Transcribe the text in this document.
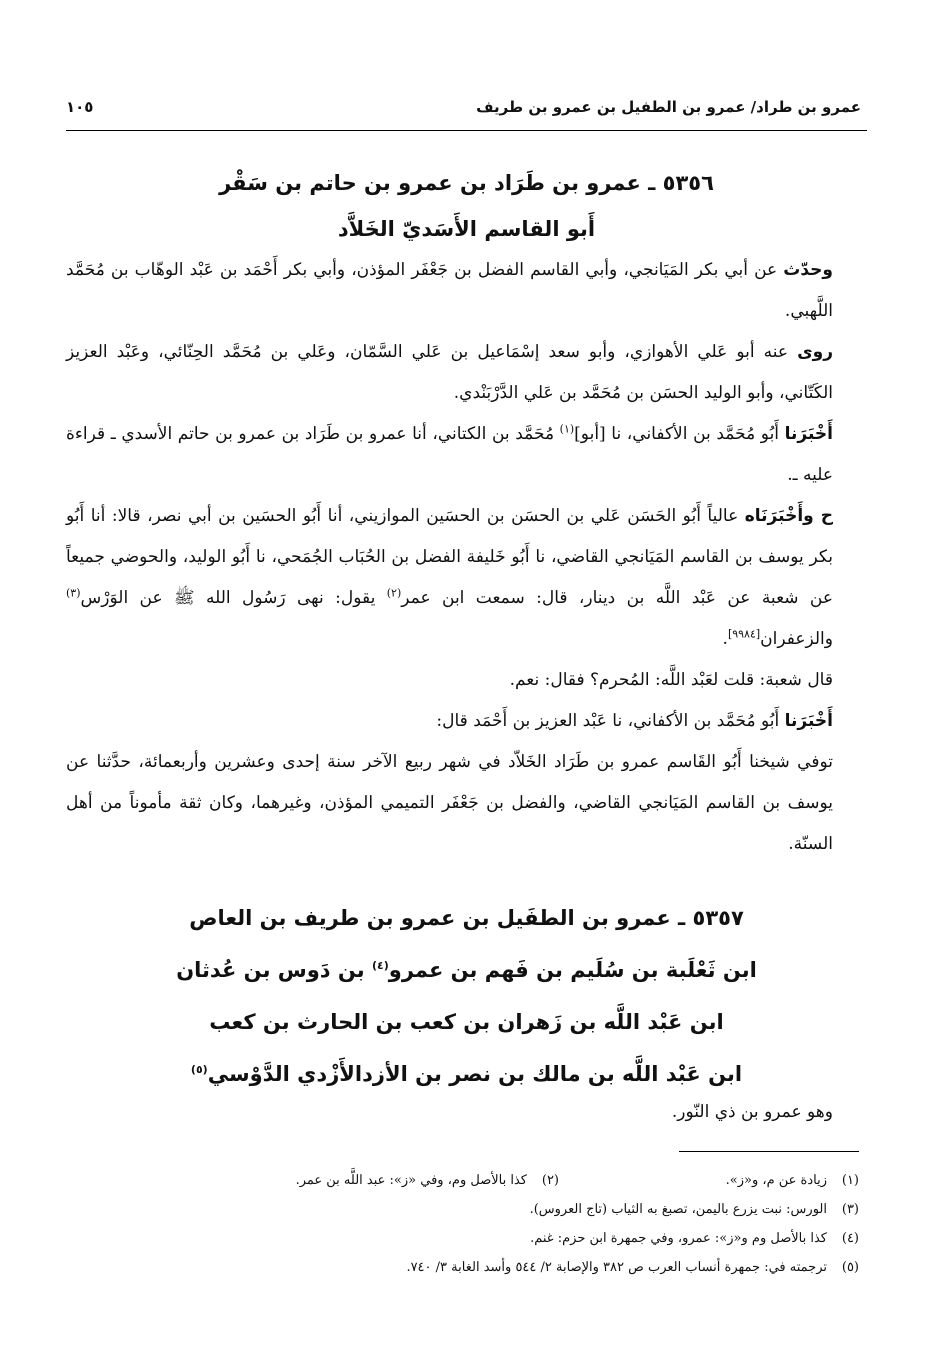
عمرو بن طراد/ عمرو بن الطفيل بن عمرو بن طريف
١٠٥
٥٣٥٦ ـ عمرو بن طَرَاد بن عمرو بن حاتم بن سَقْر
أَبو القاسم الأَسَديّ الخَلاَّد

وحدّث عن أبي بكر المَيَانجي، وأبي القاسم الفضل بن جَعْفَر المؤذن، وأبي بكر أَحْمَد بن عَبْد الوهّاب بن مُحَمَّد اللَّهبي.

روى عنه أبو عَلي الأهوازي، وأبو سعد إسْمَاعيل بن عَلي السَّمّان، وعَلي بن مُحَمَّد الحِنّائي، وعَبْد العزيز الكَتّاني، وأبو الوليد الحسَن بن مُحَمَّد بن عَلي الدَّرْبَنْدي.

أَخْبَرَنا أَبُو مُحَمَّد بن الأكفاني، نا [أبو]$^{(١)}$ مُحَمَّد بن الكتاني، أنا عمرو بن طَرَاد بن عمرو بن حاتم الأسدي ـ قراءة عليه ـ.

ح وأَخْبَرَنَاه عالياً أَبُو الحَسَن عَلي بن الحسَن بن الحسَين الموازيني، أنا أَبُو الحسَين بن أبي نصر، قالا: أنا أَبُو بكر يوسف بن القاسم المَيَانجي القاضي، نا أَبُو خَليفة الفضل بن الحُبَاب الجُمَحي، نا أَبُو الوليد، والحوضي جميعاً عن شعبة عن عَبْد اللَّه بن دينار، قال: سمعت ابن عمر$^{(٢)}$ يقول: نهى رَسُول الله ﷺ عن الوَرْس$^{(٣)}$ والزعفران[٩٩٨٤].

قال شعبة: قلت لعَبْد اللَّه: المُحرم؟ فقال: نعم.

أَخْبَرَنا أَبُو مُحَمَّد بن الأكفاني، نا عَبْد العزيز بن أَحْمَد قال:

توفي شيخنا أَبُو القَاسم عمرو بن طَرَاد الخَلاّد في شهر ربيع الآخر سنة إحدى وعشرين وأربعمائة، حدَّثنا عن يوسف بن القاسم المَيَانجي القاضي، والفضل بن جَعْفَر التميمي المؤذن، وغيرهما، وكان ثقة مأموناً من أهل السنّة.

٥٣٥٧ ـ عمرو بن الطفَيل بن عمرو بن طريف بن العاص
ابن ثَعْلَبة بن سُلَيم بن فَهم بن عمرو$^{(٤)}$ بن دَوس بن عُدثان
ابن عَبْد اللَّه بن زَهران بن كعب بن الحارث بن كعب
ابن عَبْد اللَّه بن مالك بن نصر بن الأزدالأَزْدي الدَّوْسي$^{(٥)}$

وهو عمرو بن ذي النّور.

(١)زيادة عن م، و«ز».
(٢)كذا بالأصل وم، وفي «ز»: عبد اللَّه بن عمر.
(٣)
الورس: نبت يزرع باليمن، تصبغ به الثياب (تاج العروس).
(٤)
كذا بالأصل وم و«ز»: عمرو، وفي جمهرة ابن حزم: غنم.
(٥)
ترجمته في: جمهرة أنساب العرب ص ٣٨٢ والإصابة ٢/ ٥٤٤ وأسد الغابة ٣/ ٧٤٠.
